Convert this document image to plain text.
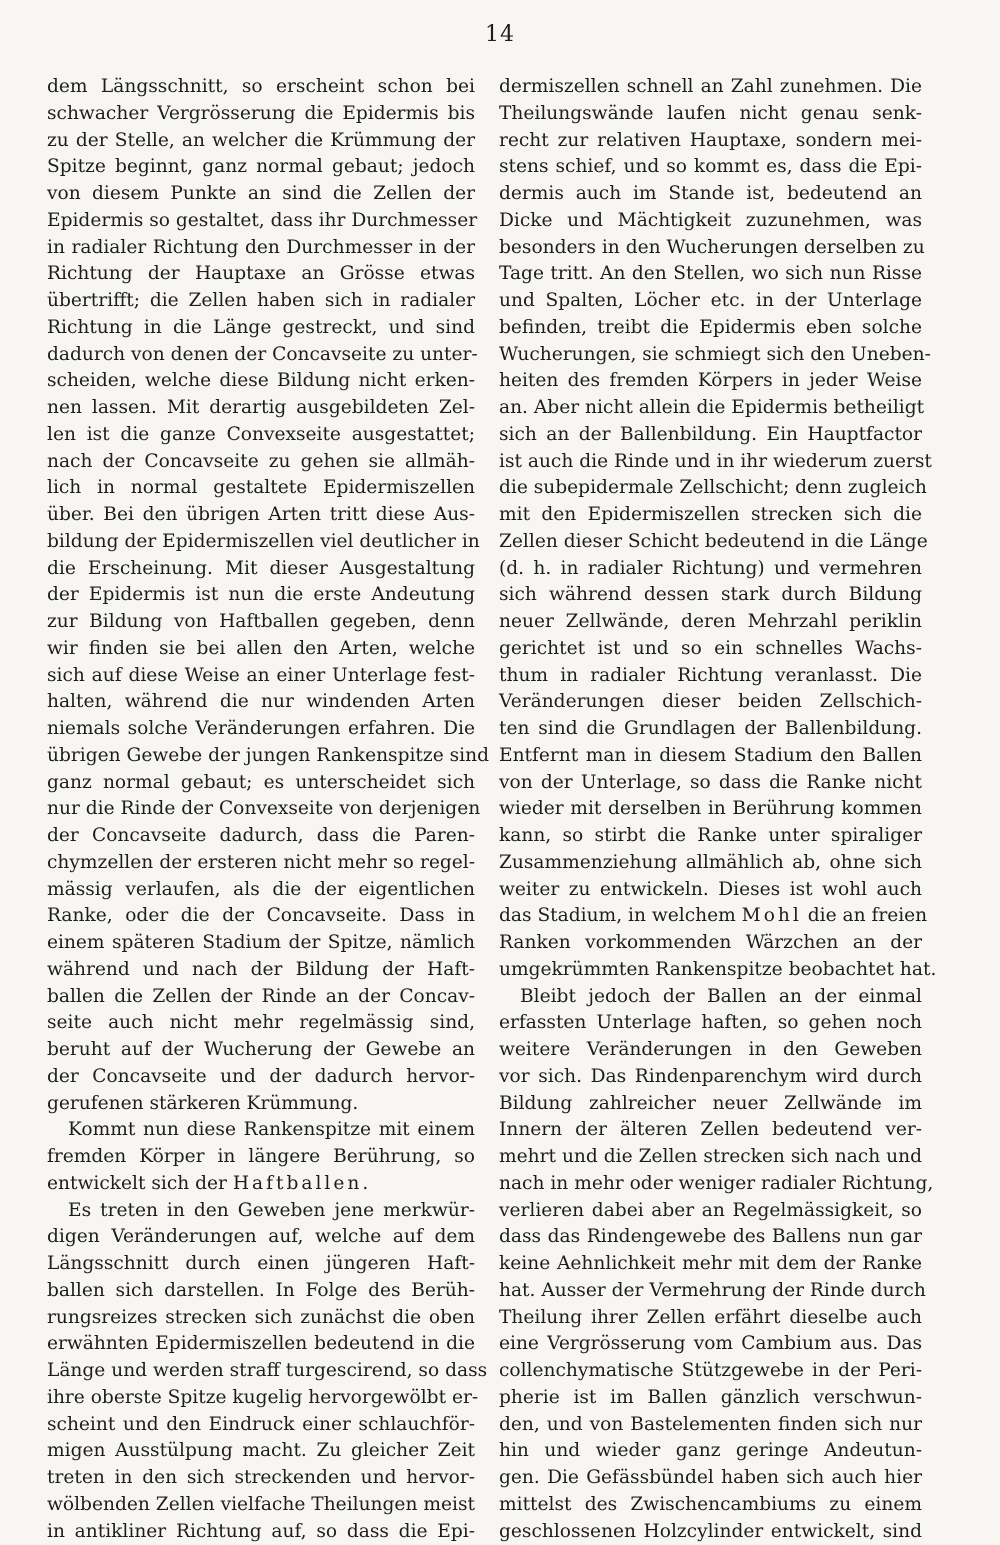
14
dem Längsschnitt, so erscheint schon bei
schwacher Vergrösserung die Epidermis bis
zu der Stelle, an welcher die Krümmung der
Spitze beginnt, ganz normal gebaut; jedoch
von diesem Punkte an sind die Zellen der
Epidermis so gestaltet, dass ihr Durchmesser
in radialer Richtung den Durchmesser in der
Richtung der Hauptaxe an Grösse etwas
übertrifft; die Zellen haben sich in radialer
Richtung in die Länge gestreckt, und sind
dadurch von denen der Concavseite zu unter-
scheiden, welche diese Bildung nicht erken-
nen lassen. Mit derartig ausgebildeten Zel-
len ist die ganze Convexseite ausgestattet;
nach der Concavseite zu gehen sie allmäh-
lich in normal gestaltete Epidermiszellen
über. Bei den übrigen Arten tritt diese Aus-
bildung der Epidermiszellen viel deutlicher in
die Erscheinung. Mit dieser Ausgestaltung
der Epidermis ist nun die erste Andeutung
zur Bildung von Haftballen gegeben, denn
wir finden sie bei allen den Arten, welche
sich auf diese Weise an einer Unterlage fest-
halten, während die nur windenden Arten
niemals solche Veränderungen erfahren. Die
übrigen Gewebe der jungen Rankenspitze sind
ganz normal gebaut; es unterscheidet sich
nur die Rinde der Convexseite von derjenigen
der Concavseite dadurch, dass die Paren-
chymzellen der ersteren nicht mehr so regel-
mässig verlaufen, als die der eigentlichen
Ranke, oder die der Concavseite. Dass in
einem späteren Stadium der Spitze, nämlich
während und nach der Bildung der Haft-
ballen die Zellen der Rinde an der Concav-
seite auch nicht mehr regelmässig sind,
beruht auf der Wucherung der Gewebe an
der Concavseite und der dadurch hervor-
gerufenen stärkeren Krümmung.
Kommt nun diese Rankenspitze mit einem
fremden Körper in längere Berührung, so
entwickelt sich der Haftballen.
Es treten in den Geweben jene merkwür-
digen Veränderungen auf, welche auf dem
Längsschnitt durch einen jüngeren Haft-
ballen sich darstellen. In Folge des Berüh-
rungsreizes strecken sich zunächst die oben
erwähnten Epidermiszellen bedeutend in die
Länge und werden straff turgescirend, so dass
ihre oberste Spitze kugelig hervorgewölbt er-
scheint und den Eindruck einer schlauchför-
migen Ausstülpung macht. Zu gleicher Zeit
treten in den sich streckenden und hervor-
wölbenden Zellen vielfache Theilungen meist
in antikliner Richtung auf, so dass die Epi-
dermiszellen schnell an Zahl zunehmen. Die
Theilungswände laufen nicht genau senk-
recht zur relativen Hauptaxe, sondern mei-
stens schief, und so kommt es, dass die Epi-
dermis auch im Stande ist, bedeutend an
Dicke und Mächtigkeit zuzunehmen, was
besonders in den Wucherungen derselben zu
Tage tritt. An den Stellen, wo sich nun Risse
und Spalten, Löcher etc. in der Unterlage
befinden, treibt die Epidermis eben solche
Wucherungen, sie schmiegt sich den Uneben-
heiten des fremden Körpers in jeder Weise
an. Aber nicht allein die Epidermis betheiligt
sich an der Ballenbildung. Ein Hauptfactor
ist auch die Rinde und in ihr wiederum zuerst
die subepidermale Zellschicht; denn zugleich
mit den Epidermiszellen strecken sich die
Zellen dieser Schicht bedeutend in die Länge
(d. h. in radialer Richtung) und vermehren
sich während dessen stark durch Bildung
neuer Zellwände, deren Mehrzahl periklin
gerichtet ist und so ein schnelles Wachs-
thum in radialer Richtung veranlasst. Die
Veränderungen dieser beiden Zellschich-
ten sind die Grundlagen der Ballenbildung.
Entfernt man in diesem Stadium den Ballen
von der Unterlage, so dass die Ranke nicht
wieder mit derselben in Berührung kommen
kann, so stirbt die Ranke unter spiraliger
Zusammenziehung allmählich ab, ohne sich
weiter zu entwickeln. Dieses ist wohl auch
das Stadium, in welchem Mohl die an freien
Ranken vorkommenden Wärzchen an der
umgekrümmten Rankenspitze beobachtet hat.
Bleibt jedoch der Ballen an der einmal
erfassten Unterlage haften, so gehen noch
weitere Veränderungen in den Geweben
vor sich. Das Rindenparenchym wird durch
Bildung zahlreicher neuer Zellwände im
Innern der älteren Zellen bedeutend ver-
mehrt und die Zellen strecken sich nach und
nach in mehr oder weniger radialer Richtung,
verlieren dabei aber an Regelmässigkeit, so
dass das Rindengewebe des Ballens nun gar
keine Aehnlichkeit mehr mit dem der Ranke
hat. Ausser der Vermehrung der Rinde durch
Theilung ihrer Zellen erfährt dieselbe auch
eine Vergrösserung vom Cambium aus. Das
collenchymatische Stützgewebe in der Peri-
pherie ist im Ballen gänzlich verschwun-
den, und von Bastelementen finden sich nur
hin und wieder ganz geringe Andeutun-
gen. Die Gefässbündel haben sich auch hier
mittelst des Zwischencambiums zu einem
geschlossenen Holzcylinder entwickelt, sind
